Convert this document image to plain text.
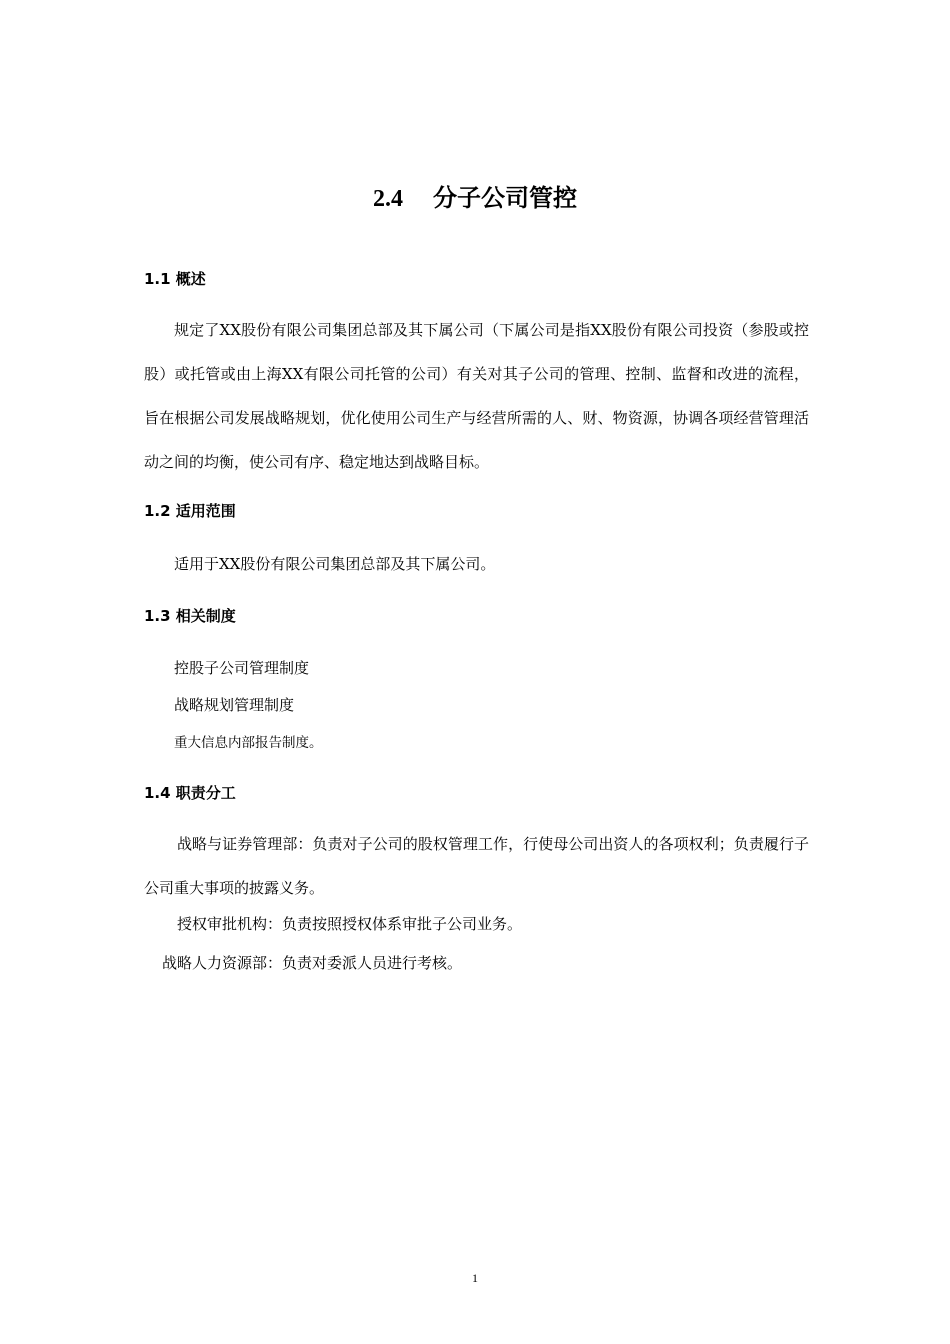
2.4 分子公司管控
1.1 概述
规定了XX股份有限公司集团总部及其下属公司（下属公司是指XX股份有限公司投资（参股或控股）或托管或由上海XX有限公司托管的公司）有关对其子公司的管理、控制、监督和改进的流程，旨在根据公司发展战略规划，优化使用公司生产与经营所需的人、财、物资源，协调各项经营管理活动之间的均衡，使公司有序、稳定地达到战略目标。
1.2 适用范围
适用于XX股份有限公司集团总部及其下属公司。
1.3 相关制度
控股子公司管理制度
战略规划管理制度
重大信息内部报告制度。
1.4 职责分工
战略与证券管理部：负责对子公司的股权管理工作，行使母公司出资人的各项权利；负责履行子公司重大事项的披露义务。
授权审批机构：负责按照授权体系审批子公司业务。
战略人力资源部：负责对委派人员进行考核。
1
